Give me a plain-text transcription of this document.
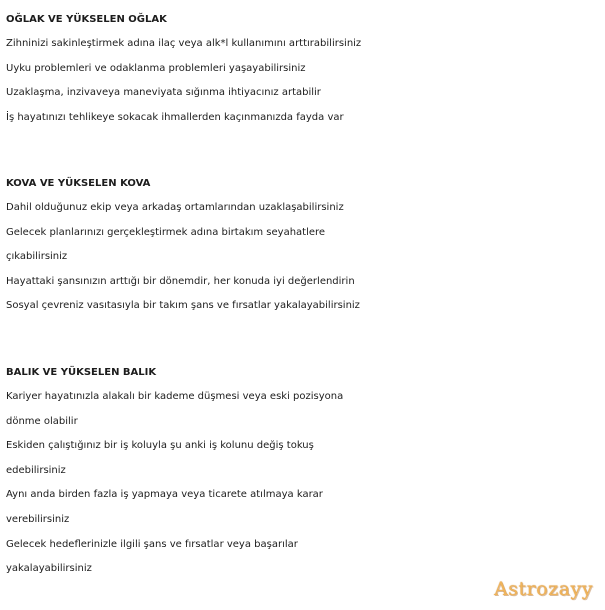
OĞLAK VE YÜKSELEN OĞLAK

Zihninizi sakinleştirmek adına ilaç veya alk*l kullanımını arttırabilirsiniz

Uyku problemleri ve odaklanma problemleri yaşayabilirsiniz

Uzaklaşma, inzivaveya maneviyata sığınma ihtiyacınız artabilir

İş hayatınızı tehlikeye sokacak ihmallerden kaçınmanızda fayda var

KOVA VE YÜKSELEN KOVA

Dahil olduğunuz ekip veya arkadaş ortamlarından uzaklaşabilirsiniz

Gelecek planlarınızı gerçekleştirmek adına birtakım seyahatlere

çıkabilirsiniz

Hayattaki şansınızın arttığı bir dönemdir, her konuda iyi değerlendirin

Sosyal çevreniz vasıtasıyla bir takım şans ve fırsatlar yakalayabilirsiniz

BALIK VE YÜKSELEN BALIK

Kariyer hayatınızla alakalı bir kademe düşmesi veya eski pozisyona

dönme olabilir

Eskiden çalıştığınız bir iş koluyla şu anki iş kolunu değiş tokuş

edebilirsiniz

Aynı anda birden fazla iş yapmaya veya ticarete atılmaya karar

verebilirsiniz

Gelecek hedeflerinizle ilgili şans ve fırsatlar veya başarılar

yakalayabilirsiniz

Astrozayy
